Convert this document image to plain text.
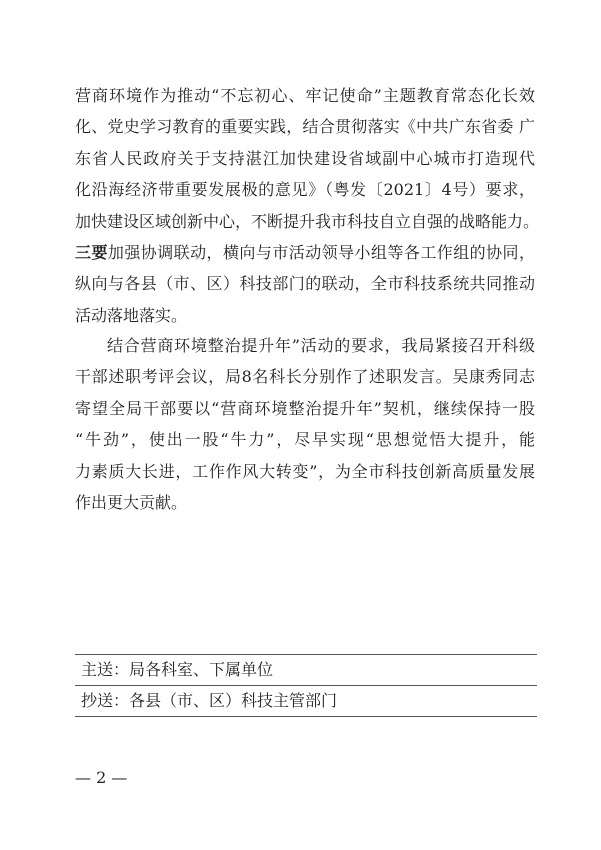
营商环境作为推动“不忘初心、牢记使命”主题教育常态化长效
化、党史学习教育的重要实践，结合贯彻落实《中共广东省委 广
东省人民政府关于支持湛江加快建设省域副中心城市打造现代
化沿海经济带重要发展极的意见》（粤发〔2021〕4号）要求，
加快建设区域创新中心，不断提升我市科技自立自强的战略能力。
三要加强协调联动，横向与市活动领导小组等各工作组的协同，
纵向与各县（市、区）科技部门的联动，全市科技系统共同推动
活动落地落实。
结合营商环境整治提升年”活动的要求，我局紧接召开科级
干部述职考评会议，局8名科长分别作了述职发言。吴康秀同志
寄望全局干部要以“营商环境整治提升年”契机，继续保持一股
“牛劲”，使出一股“牛力”，尽早实现“思想觉悟大提升，能
力素质大长进，工作作风大转变”，为全市科技创新高质量发展
作出更大贡献。
主送：局各科室、下属单位
抄送：各县（市、区）科技主管部门
— 2 —
